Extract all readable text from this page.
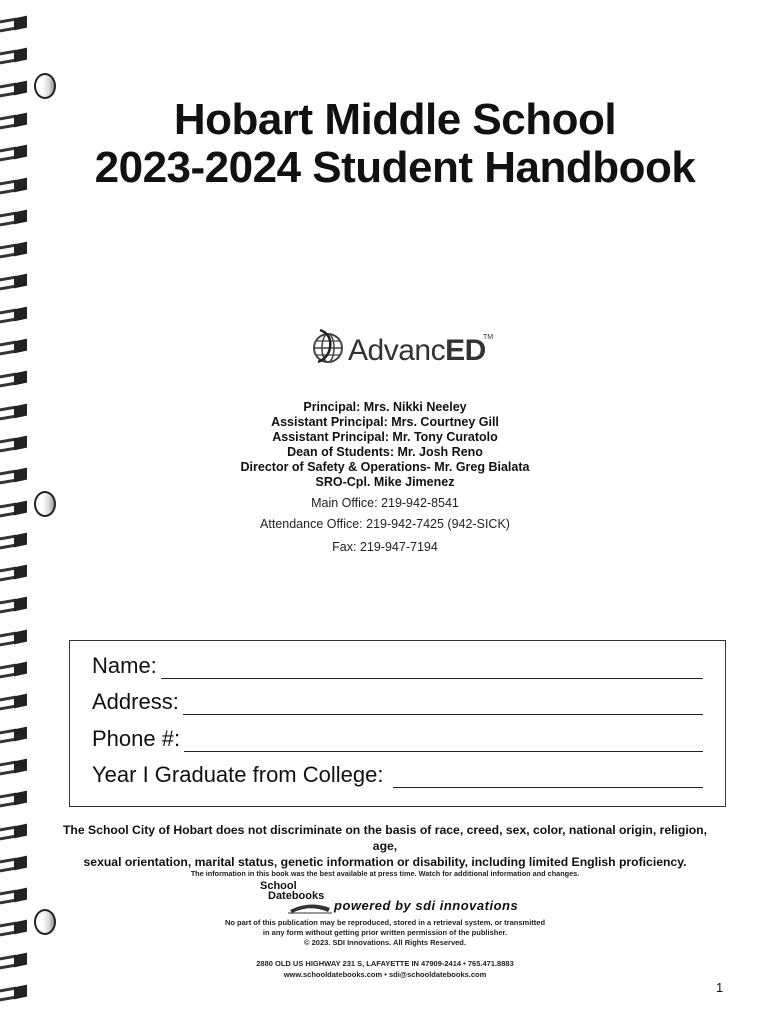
Hobart Middle School
2023-2024 Student Handbook
AdvancED
TM
Principal: Mrs. Nikki Neeley
Assistant Principal: Mrs. Courtney Gill
Assistant Principal: Mr. Tony Curatolo
Dean of Students: Mr. Josh Reno
Director of Safety & Operations- Mr. Greg Bialata
SRO-Cpl. Mike Jimenez
Main Office: 219-942-8541
Attendance Office: 219-942-7425 (942-SICK)
Fax: 219-947-7194
Name:
Address:
Phone #:
Year I Graduate from College:
The School City of Hobart does not discriminate on the basis of race, creed, sex, color, national origin, religion, age,
sexual orientation, marital status, genetic information or disability, including limited English proficiency.
The information in this book was the best available at press time. Watch for additional information and changes.
School
Datebooks
powered by sdi innovations
No part of this publication may be reproduced, stored in a retrieval system, or transmitted
in any form without getting prior written permission of the publisher.
© 2023. SDI Innovations. All Rights Reserved.
2880 OLD US HIGHWAY 231 S, LAFAYETTE IN 47909-2414 • 765.471.8883
www.schooldatebooks.com • sdi@schooldatebooks.com
1
